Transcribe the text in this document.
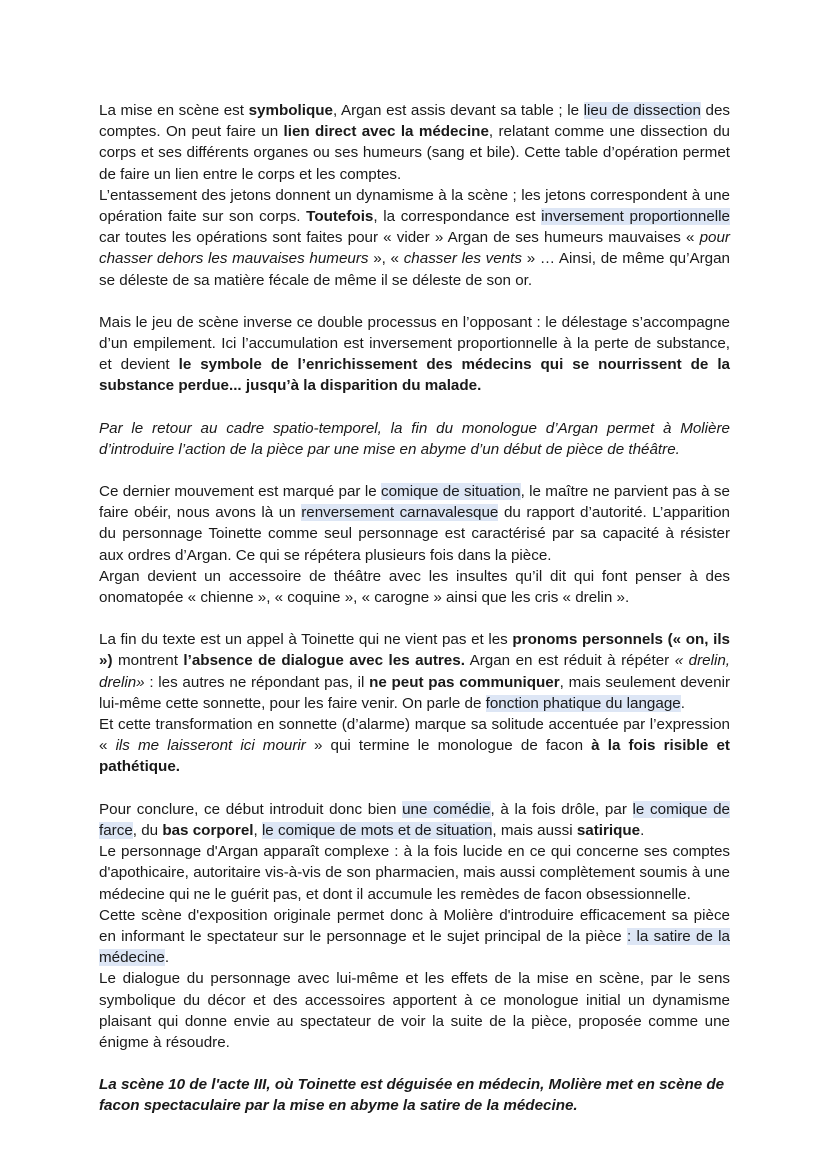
La mise en scène est symbolique, Argan est assis devant sa table ; le lieu de dissection des comptes. On peut faire un lien direct avec la médecine, relatant comme une dissection du corps et ses différents organes ou ses humeurs (sang et bile). Cette table d’opération permet de faire un lien entre le corps et les comptes.
L’entassement des jetons donnent un dynamisme à la scène ; les jetons correspondent à une opération faite sur son corps. Toutefois, la correspondance est inversement proportionnelle car toutes les opérations sont faites pour « vider » Argan de ses humeurs mauvaises « pour chasser dehors les mauvaises humeurs », « chasser les vents » … Ainsi, de même qu’Argan se déleste de sa matière fécale de même il se déleste de son or.

Mais le jeu de scène inverse ce double processus en l’opposant : le délestage s’accompagne d’un empilement. Ici l’accumulation est inversement proportionnelle à la perte de substance, et devient le symbole de l’enrichissement des médecins qui se nourrissent de la substance perdue... jusqu’à la disparition du malade.

Par le retour au cadre spatio-temporel, la fin du monologue d’Argan permet à Molière d’introduire l’action de la pièce par une mise en abyme d’un début de pièce de théâtre.

Ce dernier mouvement est marqué par le comique de situation, le maître ne parvient pas à se faire obéir, nous avons là un renversement carnavalesque du rapport d’autorité. L’apparition du personnage Toinette comme seul personnage est caractérisé par sa capacité à résister aux ordres d’Argan. Ce qui se répétera plusieurs fois dans la pièce.
Argan devient un accessoire de théâtre avec les insultes qu’il dit qui font penser à des onomatopée « chienne », « coquine », « carogne » ainsi que les cris « drelin ».

La fin du texte est un appel à Toinette qui ne vient pas et les pronoms personnels (« on, ils ») montrent l’absence de dialogue avec les autres. Argan en est réduit à répéter « drelin, drelin» : les autres ne répondant pas, il ne peut pas communiquer, mais seulement devenir lui-même cette sonnette, pour les faire venir. On parle de fonction phatique du langage.
Et cette transformation en sonnette (d’alarme) marque sa solitude accentuée par l’expression « ils me laisseront ici mourir » qui termine le monologue de facon à la fois risible et pathétique.

Pour conclure, ce début introduit donc bien une comédie, à la fois drôle, par le comique de farce, du bas corporel, le comique de mots et de situation, mais aussi satirique.
Le personnage d'Argan apparaît complexe : à la fois lucide en ce qui concerne ses comptes d'apothicaire, autoritaire vis-à-vis de son pharmacien, mais aussi complètement soumis à une médecine qui ne le guérit pas, et dont il accumule les remèdes de facon obsessionnelle.
Cette scène d'exposition originale permet donc à Molière d'introduire efficacement sa pièce en informant le spectateur sur le personnage et le sujet principal de la pièce : la satire de la médecine.
Le dialogue du personnage avec lui-même et les effets de la mise en scène, par le sens symbolique du décor et des accessoires apportent à ce monologue initial un dynamisme plaisant qui donne envie au spectateur de voir la suite de la pièce, proposée comme une énigme à résoudre.

La scène 10 de l'acte III, où Toinette est déguisée en médecin, Molière met en scène de facon spectaculaire par la mise en abyme la satire de la médecine.
